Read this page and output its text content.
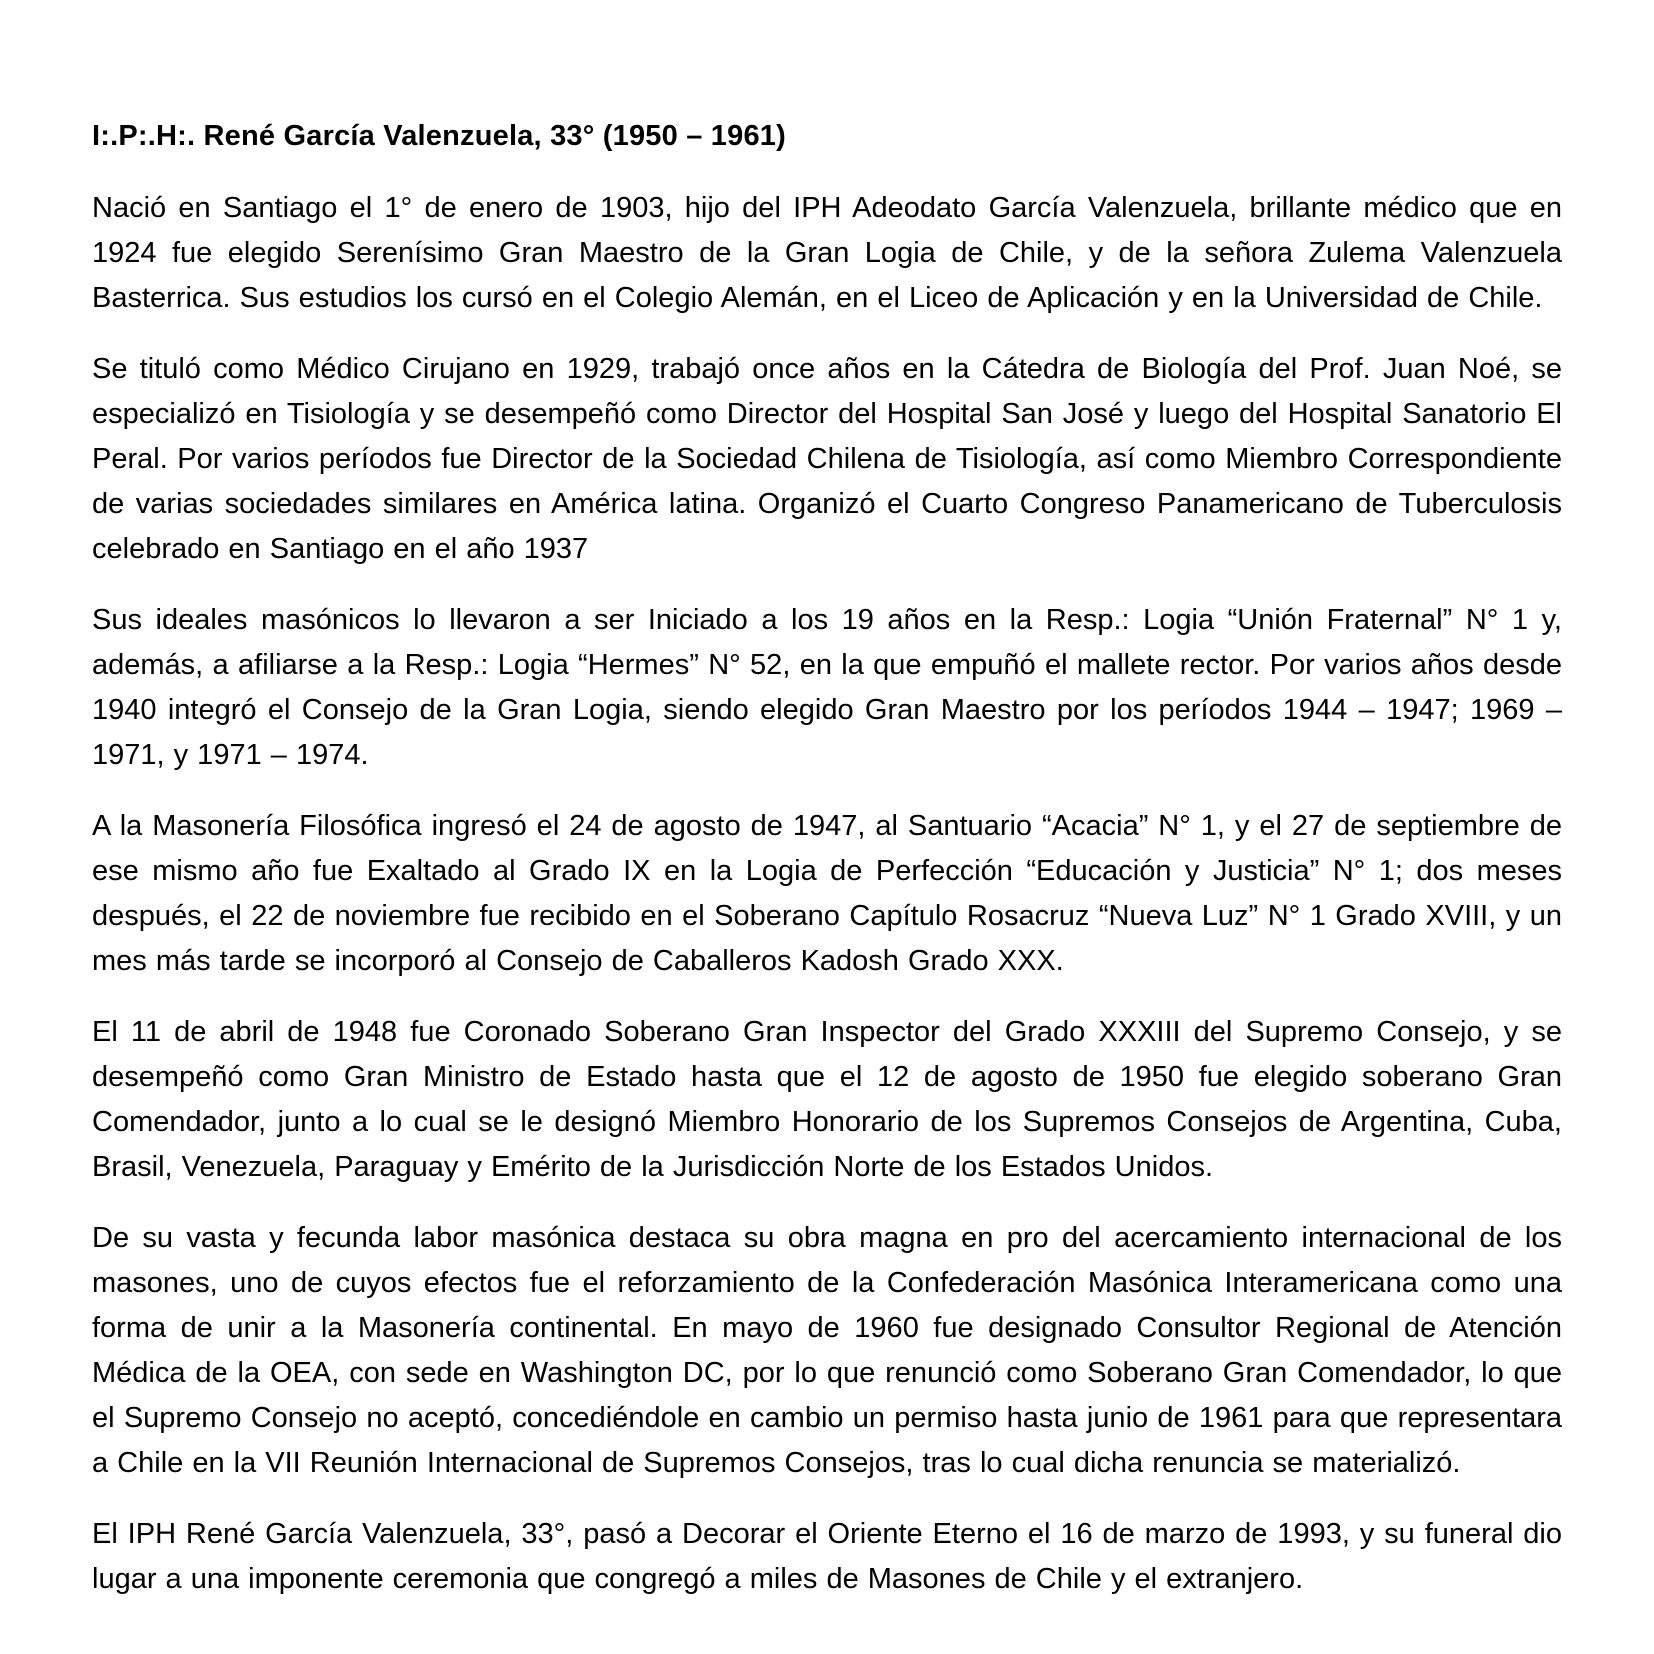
I:.P:.H:. René García Valenzuela, 33° (1950 – 1961)

Nació en Santiago el 1° de enero de 1903, hijo del IPH Adeodato García Valenzuela, brillante médico que en 1924 fue elegido Serenísimo Gran Maestro de la Gran Logia de Chile, y de la señora Zulema Valenzuela Basterrica. Sus estudios los cursó en el Colegio Alemán, en el Liceo de Aplicación y en la Universidad de Chile.

Se tituló como Médico Cirujano en 1929, trabajó once años en la Cátedra de Biología del Prof. Juan Noé, se especializó en Tisiología y se desempeñó como Director del Hospital San José y luego del Hospital Sanatorio El Peral. Por varios períodos fue Director de la Sociedad Chilena de Tisiología, así como Miembro Correspondiente de varias sociedades similares en América latina. Organizó el Cuarto Congreso Panamericano de Tuberculosis celebrado en Santiago en el año 1937

Sus ideales masónicos lo llevaron a ser Iniciado a los 19 años en la Resp.: Logia “Unión Fraternal” N° 1 y, además, a afiliarse a la Resp.: Logia “Hermes” N° 52, en la que empuñó el mallete rector. Por varios años desde 1940 integró el Consejo de la Gran Logia, siendo elegido Gran Maestro por los períodos 1944 – 1947; 1969 – 1971, y 1971 – 1974.

A la Masonería Filosófica ingresó el 24 de agosto de 1947, al Santuario “Acacia” N° 1, y el 27 de septiembre de ese mismo año fue Exaltado al Grado IX en la Logia de Perfección “Educación y Justicia” N° 1; dos meses después, el 22 de noviembre fue recibido en el Soberano Capítulo Rosacruz “Nueva Luz” N° 1 Grado XVIII, y un mes más tarde se incorporó al Consejo de Caballeros Kadosh Grado XXX.

El 11 de abril de 1948 fue Coronado Soberano Gran Inspector del Grado XXXIII del Supremo Consejo, y se desempeñó como Gran Ministro de Estado hasta que el 12 de agosto de 1950 fue elegido soberano Gran Comendador, junto a lo cual se le designó Miembro Honorario de los Supremos Consejos de Argentina, Cuba, Brasil, Venezuela, Paraguay y Emérito de la Jurisdicción Norte de los Estados Unidos.

De su vasta y fecunda labor masónica destaca su obra magna en pro del acercamiento internacional de los masones, uno de cuyos efectos fue el reforzamiento de la Confederación Masónica Interamericana como una forma de unir a la Masonería continental. En mayo de 1960 fue designado Consultor Regional de Atención Médica de la OEA, con sede en Washington DC, por lo que renunció como Soberano Gran Comendador, lo que el Supremo Consejo no aceptó, concediéndole en cambio un permiso hasta junio de 1961 para que representara a Chile en la VII Reunión Internacional de Supremos Consejos, tras lo cual dicha renuncia se materializó.

El IPH René García Valenzuela, 33°, pasó a Decorar el Oriente Eterno el 16 de marzo de 1993, y su funeral dio lugar a una imponente ceremonia que congregó a miles de Masones de Chile y el extranjero.
